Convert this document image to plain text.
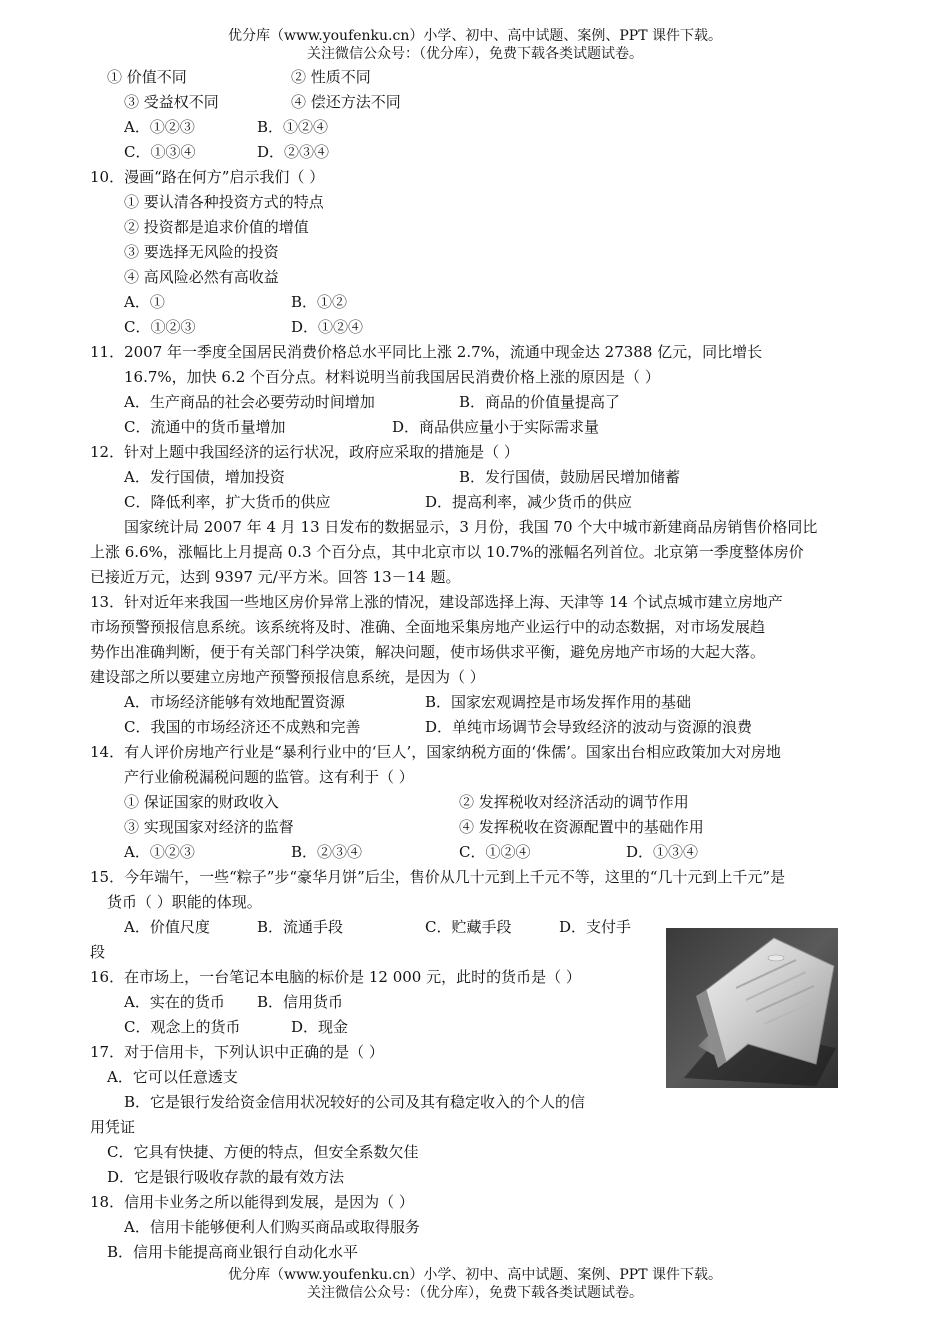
优分库（www.youfenku.cn）小学、初中、高中试题、案例、PPT 课件下载。
关注微信公众号：（优分库），免费下载各类试题试卷。
① 价值不同	② 性质不同
③ 受益权不同	④ 偿还方法不同
A．①②③	B．①②④
C．①③④	D．②③④
10．漫画“路在何方”启示我们（ ）
① 要认清各种投资方式的特点
② 投资都是追求价值的增值
③ 要选择无风险的投资
④ 高风险必然有高收益
A．①	B．①②
C．①②③	D．①②④
11．2007 年一季度全国居民消费价格总水平同比上涨 2.7%，流通中现金达 27388 亿元，同比增长
16.7%，加快 6.2 个百分点。材料说明当前我国居民消费价格上涨的原因是（ ）
A．生产商品的社会必要劳动时间增加	B．商品的价值量提高了
C．流通中的货币量增加	D．商品供应量小于实际需求量
12．针对上题中我国经济的运行状况，政府应采取的措施是（ ）
A．发行国债，增加投资	B．发行国债，鼓励居民增加储蓄
C．降低利率，扩大货币的供应	D．提高利率，减少货币的供应
国家统计局 2007 年 4 月 13 日发布的数据显示，3 月份，我国 70 个大中城市新建商品房销售价格同比
上涨 6.6%，涨幅比上月提高 0.3 个百分点，其中北京市以 10.7%的涨幅名列首位。北京第一季度整体房价
已接近万元，达到 9397 元/平方米。回答 13－14 题。
13．针对近年来我国一些地区房价异常上涨的情况，建设部选择上海、天津等 14 个试点城市建立房地产
市场预警预报信息系统。该系统将及时、准确、全面地采集房地产业运行中的动态数据，对市场发展趋
势作出准确判断，便于有关部门科学决策，解决问题，使市场供求平衡，避免房地产市场的大起大落。
建设部之所以要建立房地产预警预报信息系统，是因为（ ）
A．市场经济能够有效地配置资源	B．国家宏观调控是市场发挥作用的基础
C．我国的市场经济还不成熟和完善	D．单纯市场调节会导致经济的波动与资源的浪费
14．有人评价房地产行业是“暴利行业中的‘巨人’，国家纳税方面的‘侏儒’。国家出台相应政策加大对房地
产行业偷税漏税问题的监管。这有利于（ ）
① 保证国家的财政收入	② 发挥税收对经济活动的调节作用
③ 实现国家对经济的监督	④ 发挥税收在资源配置中的基础作用
A．①②③	B．②③④	C．①②④	D．①③④
15．今年端午，一些“粽子”步“豪华月饼”后尘，售价从几十元到上千元不等，这里的“几十元到上千元”是
货币（ ）职能的体现。
A．价值尺度	B．流通手段	C．贮藏手段	D．支付手
段
16．在市场上，一台笔记本电脑的标价是 12 000 元，此时的货币是（ ）
A．实在的货币 B．信用货币
C．观念上的货币	D．现金
17．对于信用卡，下列认识中正确的是（ ）
A．它可以任意透支
B．它是银行发给资金信用状况较好的公司及其有稳定收入的个人的信
用凭证
C．它具有快捷、方便的特点，但安全系数欠佳
D．它是银行吸收存款的最有效方法
18．信用卡业务之所以能得到发展，是因为（ ）
A．信用卡能够便利人们购买商品或取得服务
B．信用卡能提高商业银行自动化水平
优分库（www.youfenku.cn）小学、初中、高中试题、案例、PPT 课件下载。
关注微信公众号：（优分库），免费下载各类试题试卷。
